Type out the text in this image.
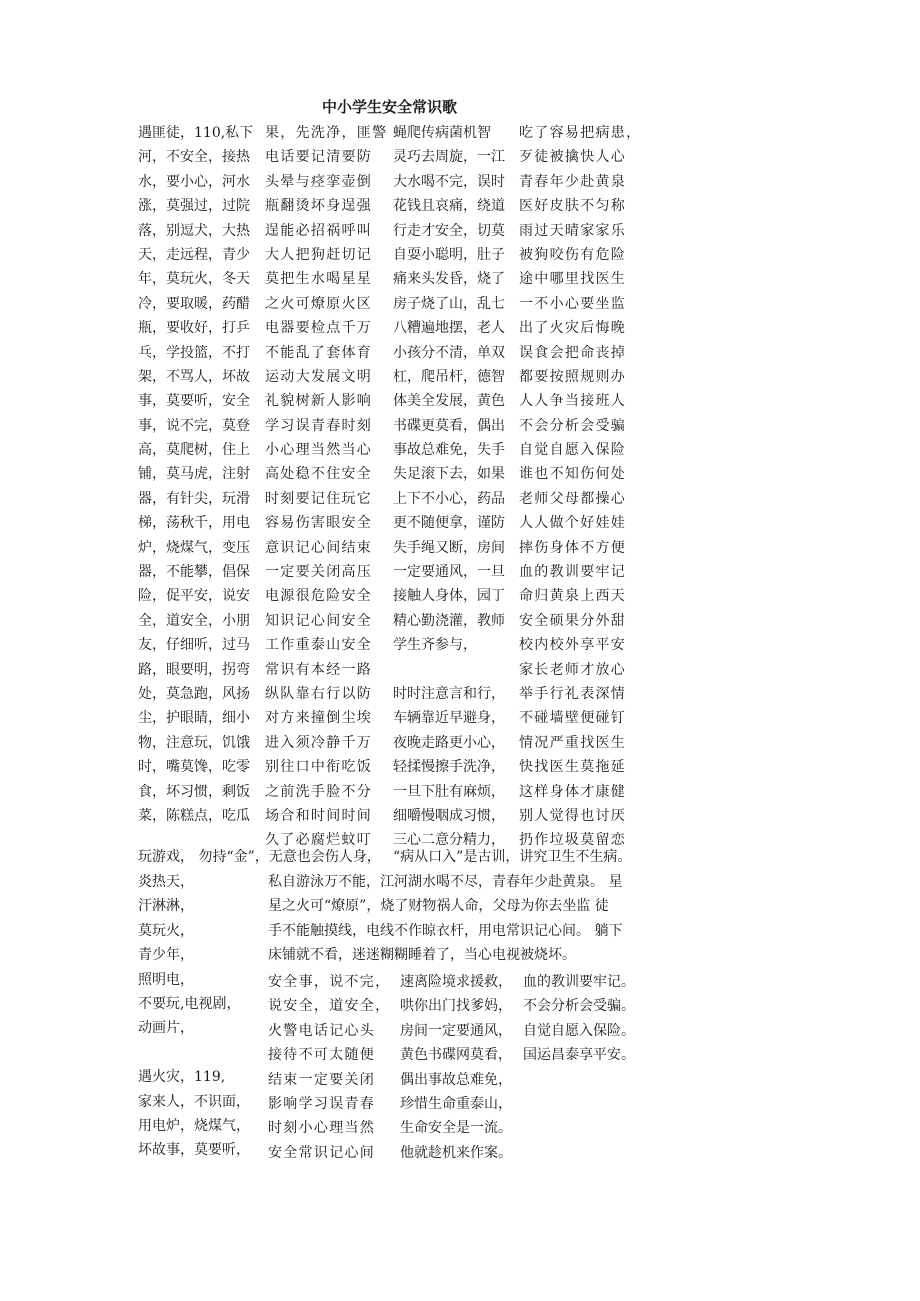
中小学生安全常识歌
遇匪徒，110,私下
河，不安全，接热
水，要小心，河水
涨，莫强过，过院
落，别逗犬，大热
天，走远程，青少
年，莫玩火，冬天
冷，要取暖，药醋
瓶，要收好，打乒
乓，学投篮，不打
架，不骂人，坏故
事，莫要听，安全
事，说不完，莫登
高，莫爬树，住上
铺，莫马虎，注射
器，有针尖，玩滑
梯，荡秋千，用电
炉，烧煤气，变压
器，不能攀，倡保
险，促平安，说安
全，道安全，小朋
友，仔细听，过马
路，眼要明，拐弯
处，莫急跑，风扬
尘，护眼睛，细小
物，注意玩，饥饿
时，嘴莫馋，吃零
食，坏习惯，剩饭
菜，陈糕点，吃瓜
果，先洗净，匪警
电话要记清要防
头晕与痉挛壶倒
瓶翻烫坏身逞强
逞能必招祸呼叫
大人把狗赶切记
莫把生水喝星星
之火可燎原火区
电器要检点千万
不能乱了套体育
运动大发展文明
礼貌树新人影响
学习误青春时刻
小心理当然当心
高处稳不住安全
时刻要记住玩它
容易伤害眼安全
意识记心间结束
一定要关闭高压
电源很危险安全
知识记心间安全
工作重泰山安全
常识有本经一路
纵队靠右行以防
对方来撞倒尘埃
进入须冷静千万
别往口中衔吃饭
之前洗手脸不分
场合和时间时间
久了必腐烂蚊叮
蝇爬传病菌机智
灵巧去周旋，一江
大水喝不完，误时
花钱且哀痛，绕道
行走才安全，切莫
自耍小聪明，肚子
痛来头发昏，烧了
房子烧了山，乱七
八糟遍地摆，老人
小孩分不清，单双
杠，爬吊杆，德智
体美全发展，黄色
书碟更莫看，偶出
事故总难免，失手
失足滚下去，如果
上下不小心，药品
更不随便拿，谨防
失手绳又断，房间
一定要通风，一旦
接触人身体，园丁
精心勤浇灌，教师
学生齐参与，
时时注意言和行，
车辆靠近早避身，
夜晚走路更小心，
轻揉慢擦手洗净，
一旦下肚有麻烦，
细嚼慢咽成习惯，
三心二意分精力，
吃了容易把病患，
歹徒被擒快人心
青春年少赴黄泉
医好皮肤不匀称
雨过天晴家家乐
被狗咬伤有危险
途中哪里找医生
一不小心要坐监
出了火灾后悔晚
误食会把命丧掉
都要按照规则办
人人争当接班人
不会分析会受骗
自觉自愿入保险
谁也不知伤何处
老师父母都操心
人人做个好娃娃
摔伤身体不方便
血的教训要牢记
命归黄泉上西天
安全硕果分外甜
校内校外享平安
家长老师才放心
举手行礼表深情
不碰墙壁便碰钉
情况严重找医生
快找医生莫拖延
这样身体才康健
别人觉得也讨厌
扔作垃圾莫留恋
玩游戏， 勿持“金”，无意也会伤人身， “病从口入”是古训，讲究卫生不生病。
炎热天，
汗淋淋，
莫玩火，
青少年，
照明电，
不要玩,电视剧，
动画片，
遇火灾，119,
家来人，不识面，
用电炉，烧煤气，
坏故事，莫要听，
私自游泳万不能，江河湖水喝不尽，青春年少赴黄泉。 星
星之火可“燎原”，烧了财物祸人命，父母为你去坐监 徒
手不能触摸线，电线不作晾衣杆，用电常识记心间。 躺下
床铺就不看，迷迷糊糊睡着了，当心电视被烧坏。
安全事，说不完，
说安全，道安全，
火警电话记心头
接待不可太随便
结束一定要关闭
影响学习误青春
时刻小心理当然
安全常识记心间
速离险境求援救，
哄你出门找爹妈，
房间一定要通风，
黄色书碟网莫看，
偶出事故总难免，
珍惜生命重泰山，
生命安全是一流。
他就趁机来作案。
血的教训要牢记。
不会分析会受骗。
自觉自愿入保险。
国运昌泰享平安。
